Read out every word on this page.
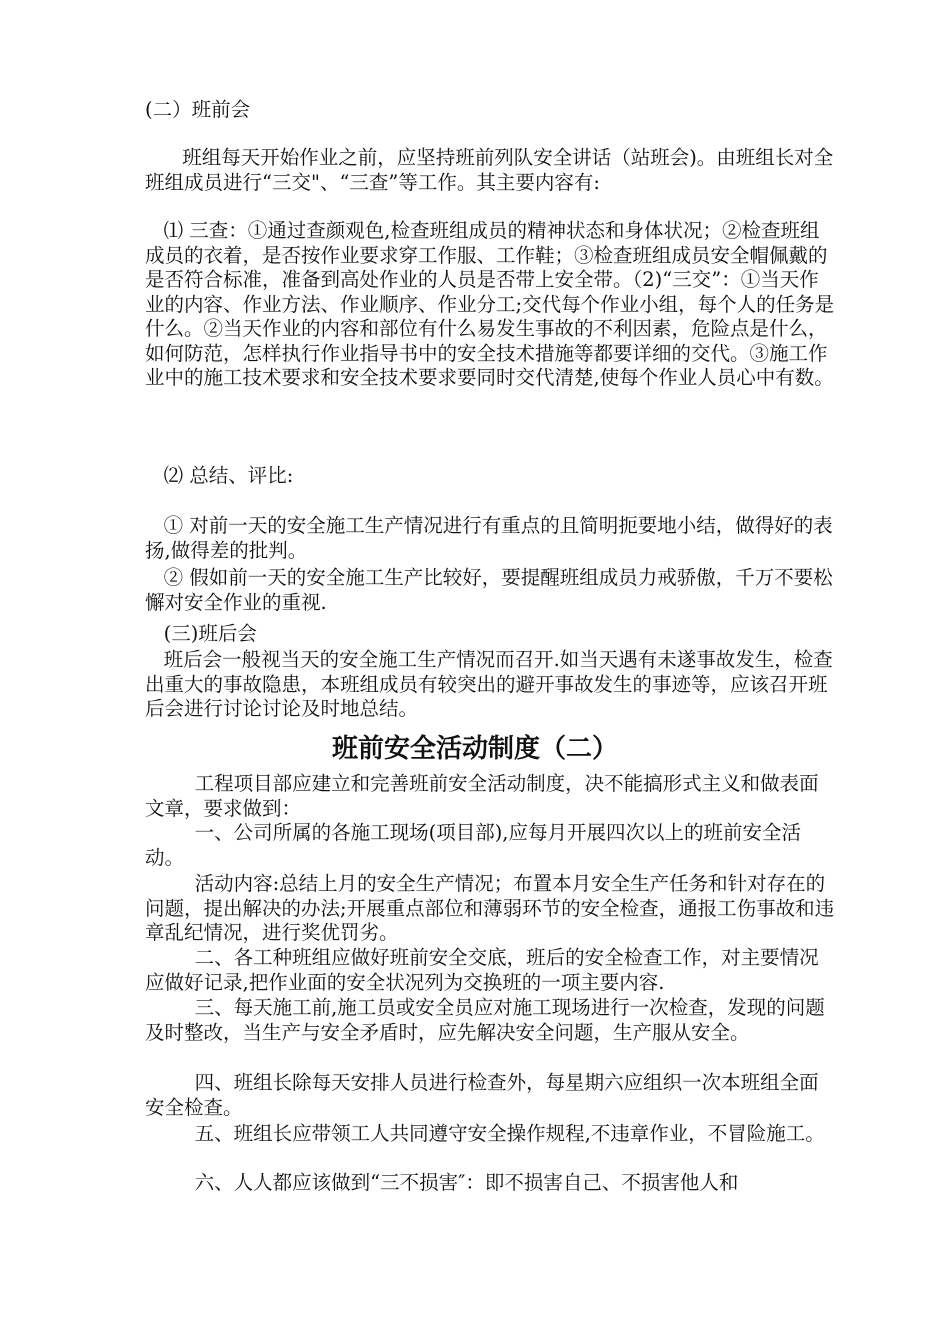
(二）班前会

班组每天开始作业之前，应坚持班前列队安全讲话（站班会)。由班组长对全班组成员进行“三交"、“三查”等工作。其主要内容有:

⑴ 三查：①通过查颜观色,检查班组成员的精神状态和身体状况；②检查班组成员的衣着，是否按作业要求穿工作服、工作鞋；③检查班组成员安全帽佩戴的是否符合标准，准备到高处作业的人员是否带上安全带。（2)“三交”：①当天作业的内容、作业方法、作业顺序、作业分工;交代每个作业小组，每个人的任务是什么。②当天作业的内容和部位有什么易发生事故的不利因素，危险点是什么，如何防范，怎样执行作业指导书中的安全技术措施等都要详细的交代。③施工作业中的施工技术要求和安全技术要求要同时交代清楚,使每个作业人员心中有数。

⑵ 总结、评比:

① 对前一天的安全施工生产情况进行有重点的且简明扼要地小结，做得好的表扬,做得差的批判。

② 假如前一天的安全施工生产比较好，要提醒班组成员力戒骄傲，千万不要松懈对安全作业的重视.

(三)班后会

班后会一般视当天的安全施工生产情况而召开.如当天遇有未遂事故发生，检查出重大的事故隐患，本班组成员有较突出的避开事故发生的事迹等，应该召开班后会进行讨论讨论及时地总结。

班前安全活动制度（二）

工程项目部应建立和完善班前安全活动制度，决不能搞形式主义和做表面文章，要求做到：

一、公司所属的各施工现场(项目部),应每月开展四次以上的班前安全活动。

活动内容:总结上月的安全生产情况；布置本月安全生产任务和针对存在的问题，提出解决的办法;开展重点部位和薄弱环节的安全检查，通报工伤事故和违章乱纪情况，进行奖优罚劣。

二、各工种班组应做好班前安全交底，班后的安全检查工作，对主要情况应做好记录,把作业面的安全状况列为交换班的一项主要内容.

三、每天施工前,施工员或安全员应对施工现场进行一次检查，发现的问题及时整改，当生产与安全矛盾时，应先解决安全问题，生产服从安全。

四、班组长除每天安排人员进行检查外，每星期六应组织一次本班组全面安全检查。

五、班组长应带领工人共同遵守安全操作规程,不违章作业，不冒险施工。

六、人人都应该做到“三不损害″：即不损害自己、不损害他人和
